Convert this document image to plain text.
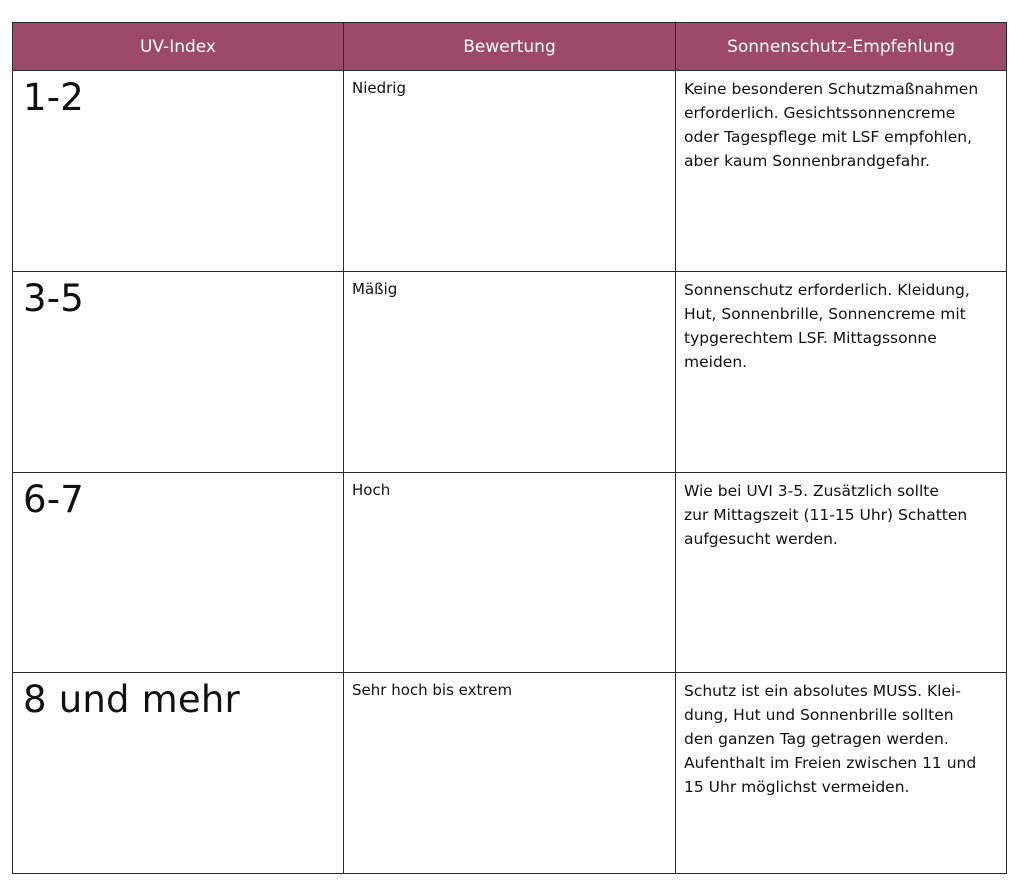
UV-Index	Bewertung	Sonnenschutz-Empfehlung

1-2	Niedrig	Keine besonderen Schutzmaßnahmen
erforderlich. Gesichtssonnencreme
oder Tagespflege mit LSF empfohlen,
aber kaum Sonnenbrandgefahr.

3-5	Mäßig	Sonnenschutz erforderlich. Kleidung,
Hut, Sonnenbrille, Sonnencreme mit
typgerechtem LSF. Mittagssonne
meiden.

6-7	Hoch	Wie bei UVI 3-5. Zusätzlich sollte
zur Mittagszeit (11-15 Uhr) Schatten
aufgesucht werden.

8 und mehr	Sehr hoch bis extrem	Schutz ist ein absolutes MUSS. Klei-
dung, Hut und Sonnenbrille sollten
den ganzen Tag getragen werden.
Aufenthalt im Freien zwischen 11 und
15 Uhr möglichst vermeiden.
